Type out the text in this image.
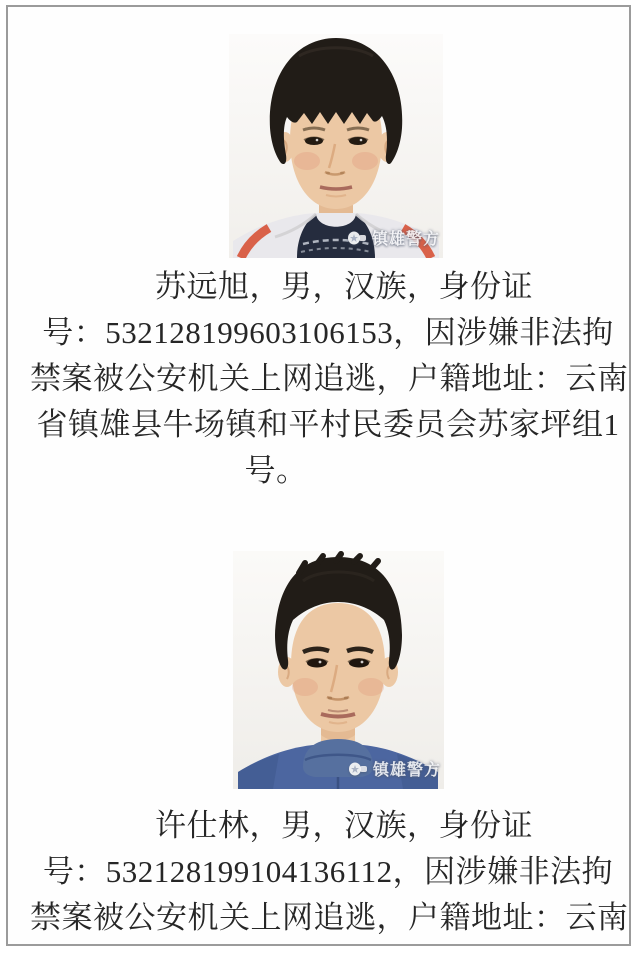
镇雄警方
苏远旭，男，汉族，身份证
号：532128199603106153，因涉嫌非法拘
禁案被公安机关上网追逃，户籍地址：云南
省镇雄县牛场镇和平村民委员会苏家坪组1
号。
镇雄警方
许仕林，男，汉族，身份证
号：532128199104136112，因涉嫌非法拘
禁案被公安机关上网追逃，户籍地址：云南
